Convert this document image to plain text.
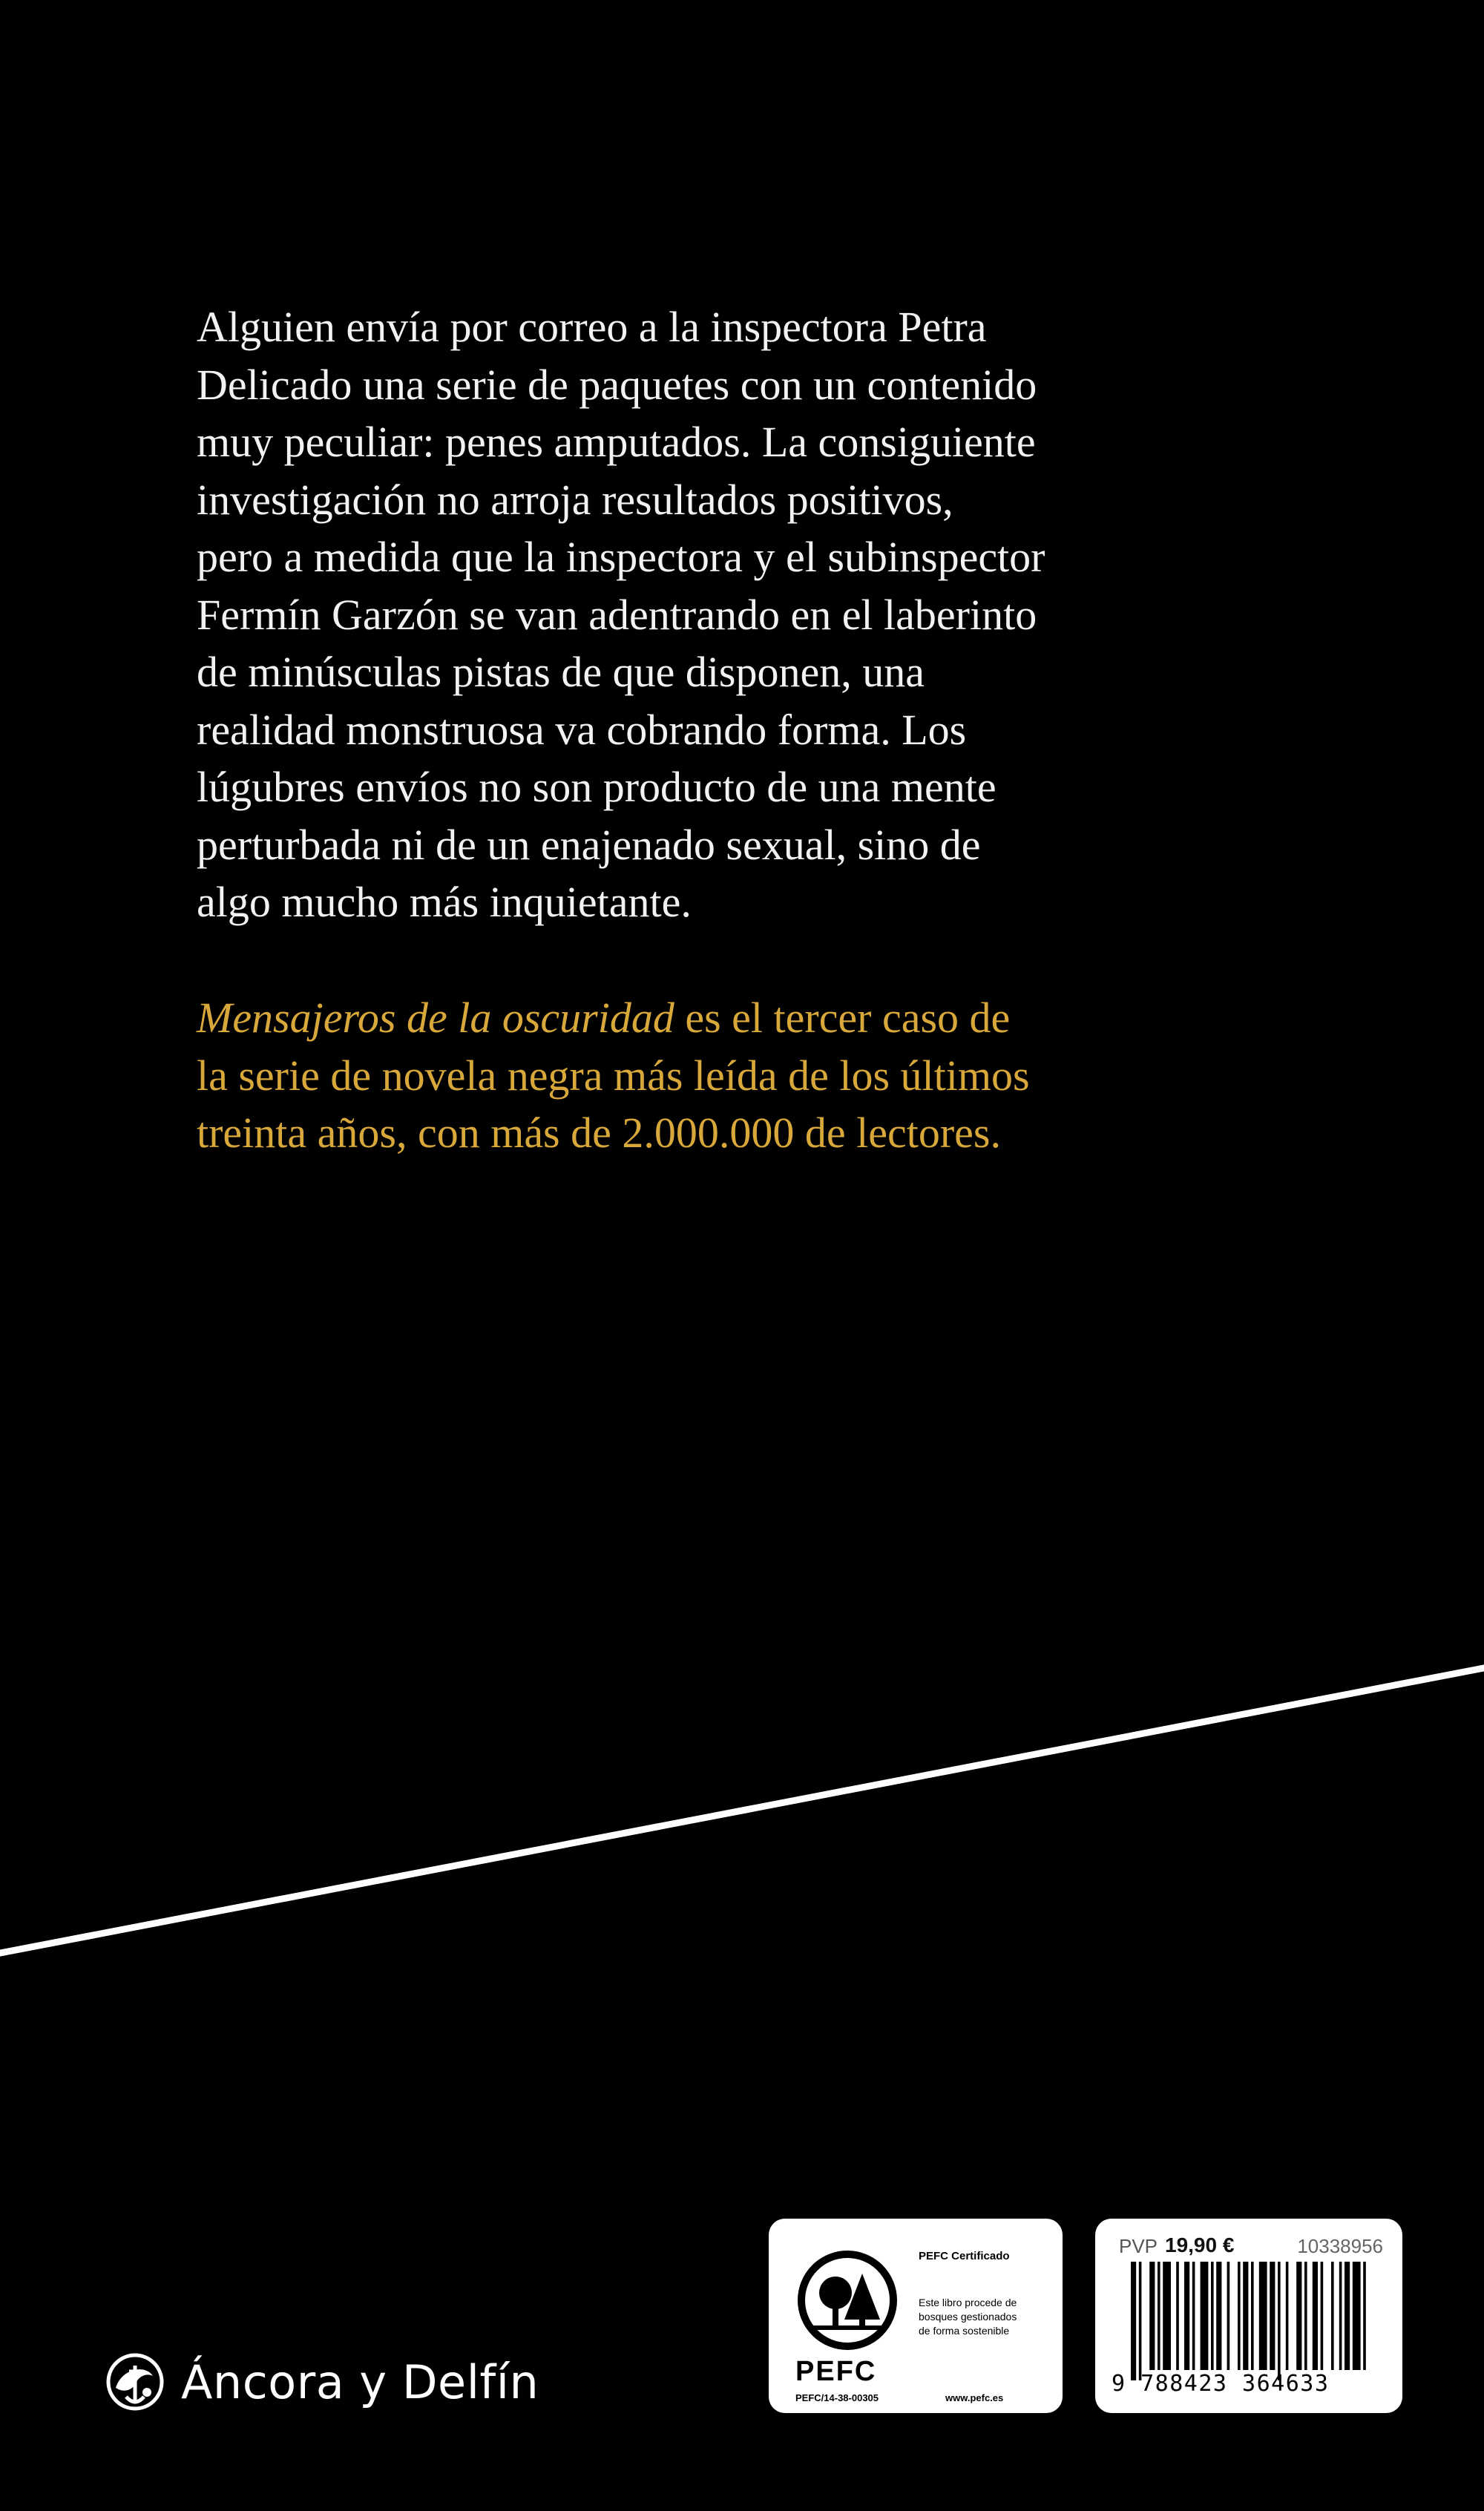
Alguien envía por correo a la inspectora Petra
Delicado una serie de paquetes con un contenido
muy peculiar: penes amputados. La consiguiente
investigación no arroja resultados positivos,
pero a medida que la inspectora y el subinspector
Fermín Garzón se van adentrando en el laberinto
de minúsculas pistas de que disponen, una
realidad monstruosa va cobrando forma. Los
lúgubres envíos no son producto de una mente
perturbada ni de un enajenado sexual, sino de
algo mucho más inquietante.

Mensajeros de la oscuridad es el tercer caso de
la serie de novela negra más leída de los últimos
treinta años, con más de 2.000.000 de lectores.

Áncora y Delfín	PEFC
PEFC Certificado
Este libro procede de
bosques gestionados
de forma sostenible
PEFC/14-38-00305	www.pefc.es
PVP 19,90 €	10338956
9 788423 364633
